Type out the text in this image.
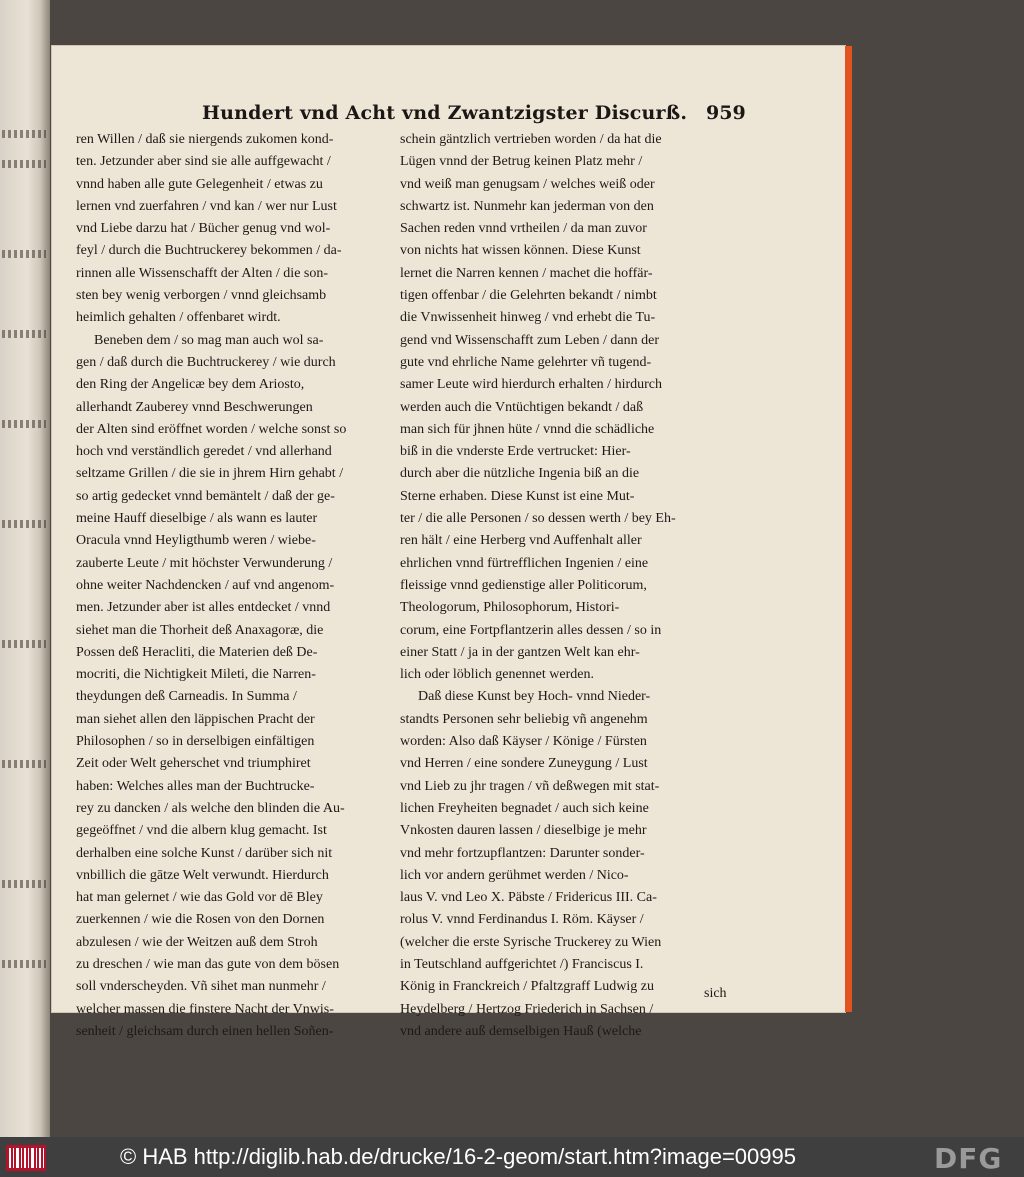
Hundert vnd Acht vnd Zwantzigster Discurß. 959
ren Willen / daß sie niergends zukomen kond-
ten. Jetzunder aber sind sie alle auffgewacht /
vnnd haben alle gute Gelegenheit / etwas zu
lernen vnd zuerfahren / vnd kan / wer nur Lust
vnd Liebe darzu hat / Bücher genug vnd wol-
feyl / durch die Buchtruckerey bekommen / da-
rinnen alle Wissenschafft der Alten / die son-
sten bey wenig verborgen / vnnd gleichsamb
heimlich gehalten / offenbaret wirdt.
Beneben dem / so mag man auch wol sa-
gen / daß durch die Buchtruckerey / wie durch
den Ring der Angelicæ bey dem Ariosto,
allerhandt Zauberey vnnd Beschwerungen
der Alten sind eröffnet worden / welche sonst so
hoch vnd verständlich geredet / vnd allerhand
seltzame Grillen / die sie in jhrem Hirn gehabt /
so artig gedecket vnnd bemäntelt / daß der ge-
meine Hauff dieselbige / als wann es lauter
Oracula vnnd Heyligthumb weren / wiebe-
zauberte Leute / mit höchster Verwunderung /
ohne weiter Nachdencken / auf vnd angenom-
men. Jetzunder aber ist alles entdecket / vnnd
siehet man die Thorheit deß Anaxagoræ, die
Possen deß Heracliti, die Materien deß De-
mocriti, die Nichtigkeit Mileti, die Narren-
theydungen deß Carneadis. In Summa /
man siehet allen den läppischen Pracht der
Philosophen / so in derselbigen einfältigen
Zeit oder Welt geherschet vnd triumphiret
haben: Welches alles man der Buchtrucke-
rey zu dancken / als welche den blinden die Au-
gegeöffnet / vnd die albern klug gemacht. Ist
derhalben eine solche Kunst / darüber sich nit
vnbillich die gātze Welt verwundt. Hierdurch
hat man gelernet / wie das Gold vor dē Bley
zuerkennen / wie die Rosen von den Dornen
abzulesen / wie der Weitzen auß dem Stroh
zu dreschen / wie man das gute von dem bösen
soll vnderscheyden. Vñ sihet man nunmehr /
welcher massen die finstere Nacht der Vnwis-
senheit / gleichsam durch einen hellen Soñen-
schein gäntzlich vertrieben worden / da hat die
Lügen vnnd der Betrug keinen Platz mehr /
vnd weiß man genugsam / welches weiß oder
schwartz ist. Nunmehr kan jederman von den
Sachen reden vnnd vrtheilen / da man zuvor
von nichts hat wissen können. Diese Kunst
lernet die Narren kennen / machet die hoffär-
tigen offenbar / die Gelehrten bekandt / nimbt
die Vnwissenheit hinweg / vnd erhebt die Tu-
gend vnd Wissenschafft zum Leben / dann der
gute vnd ehrliche Name gelehrter vñ tugend-
samer Leute wird hierdurch erhalten / hirdurch
werden auch die Vntüchtigen bekandt / daß
man sich für jhnen hüte / vnnd die schädliche
biß in die vnderste Erde vertrucket: Hier-
durch aber die nützliche Ingenia biß an die
Sterne erhaben. Diese Kunst ist eine Mut-
ter / die alle Personen / so dessen werth / bey Eh-
ren hält / eine Herberg vnd Auffenhalt aller
ehrlichen vnnd fürtrefflichen Ingenien / eine
fleissige vnnd gedienstige aller Politicorum,
Theologorum, Philosophorum, Histori-
corum, eine Fortpflantzerin alles dessen / so in
einer Statt / ja in der gantzen Welt kan ehr-
lich oder löblich genennet werden.
Daß diese Kunst bey Hoch- vnnd Nieder-
standts Personen sehr beliebig vñ angenehm
worden: Also daß Käyser / Könige / Fürsten
vnd Herren / eine sondere Zuneygung / Lust
vnd Lieb zu jhr tragen / vñ deßwegen mit stat-
lichen Freyheiten begnadet / auch sich keine
Vnkosten dauren lassen / dieselbige je mehr
vnd mehr fortzupflantzen: Darunter sonder-
lich vor andern gerühmet werden / Nico-
laus V. vnd Leo X. Päbste / Fridericus III. Ca-
rolus V. vnnd Ferdinandus I. Röm. Käyser /
(welcher die erste Syrische Truckerey zu Wien
in Teutschland auffgerichtet /) Franciscus I.
König in Franckreich / Pfaltzgraff Ludwig zu
Heydelberg / Hertzog Friederich in Sachsen /
vnd andere auß demselbigen Hauß (welche
sich
© HAB http://diglib.hab.de/drucke/16-2-geom/start.htm?image=00995	DFG
